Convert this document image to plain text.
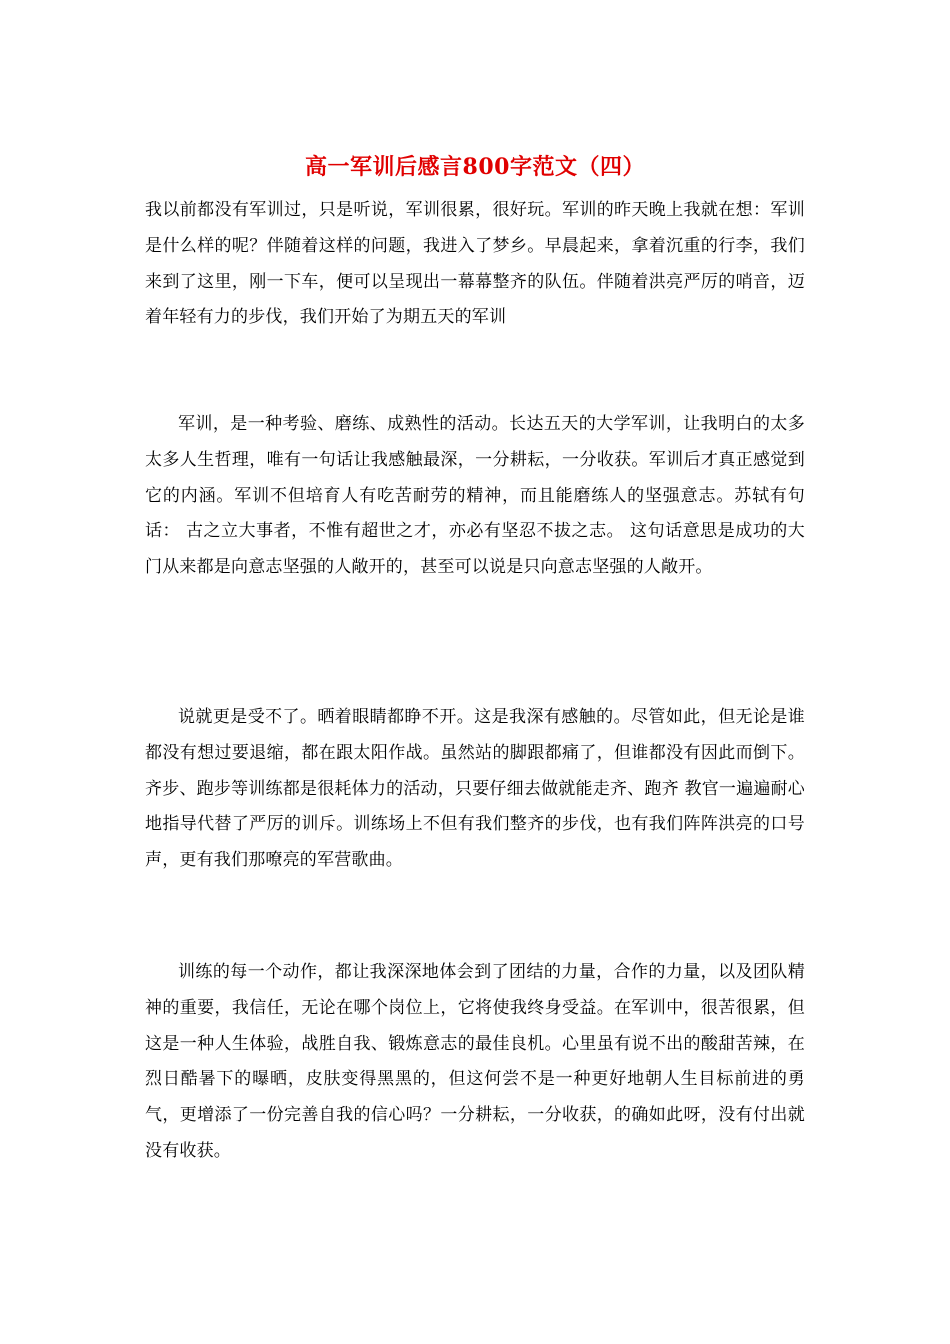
高一军训后感言800字范文（四）

我以前都没有军训过，只是听说，军训很累，很好玩。军训的昨天晚上我就在想：军训是什么样的呢？伴随着这样的问题，我进入了梦乡。早晨起来，拿着沉重的行李，我们来到了这里，刚一下车，便可以呈现出一幕幕整齐的队伍。伴随着洪亮严厉的哨音，迈着年轻有力的步伐，我们开始了为期五天的军训

军训，是一种考验、磨练、成熟性的活动。长达五天的大学军训，让我明白的太多太多人生哲理，唯有一句话让我感触最深，一分耕耘，一分收获。军训后才真正感觉到它的内涵。军训不但培育人有吃苦耐劳的精神，而且能磨练人的坚强意志。苏轼有句话： 古之立大事者，不惟有超世之才，亦必有坚忍不拔之志。 这句话意思是成功的大门从来都是向意志坚强的人敞开的，甚至可以说是只向意志坚强的人敞开。

说就更是受不了。晒着眼睛都睁不开。这是我深有感触的。尽管如此，但无论是谁都没有想过要退缩，都在跟太阳作战。虽然站的脚跟都痛了，但谁都没有因此而倒下。齐步、跑步等训练都是很耗体力的活动，只要仔细去做就能走齐、跑齐 教官一遍遍耐心地指导代替了严厉的训斥。训练场上不但有我们整齐的步伐，也有我们阵阵洪亮的口号声，更有我们那嘹亮的军营歌曲。

训练的每一个动作，都让我深深地体会到了团结的力量，合作的力量，以及团队精神的重要，我信任，无论在哪个岗位上，它将使我终身受益。在军训中，很苦很累，但这是一种人生体验，战胜自我、锻炼意志的最佳良机。心里虽有说不出的酸甜苦辣，在烈日酷暑下的曝晒，皮肤变得黑黑的，但这何尝不是一种更好地朝人生目标前进的勇气，更增添了一份完善自我的信心吗？一分耕耘，一分收获，的确如此呀，没有付出就没有收获。
